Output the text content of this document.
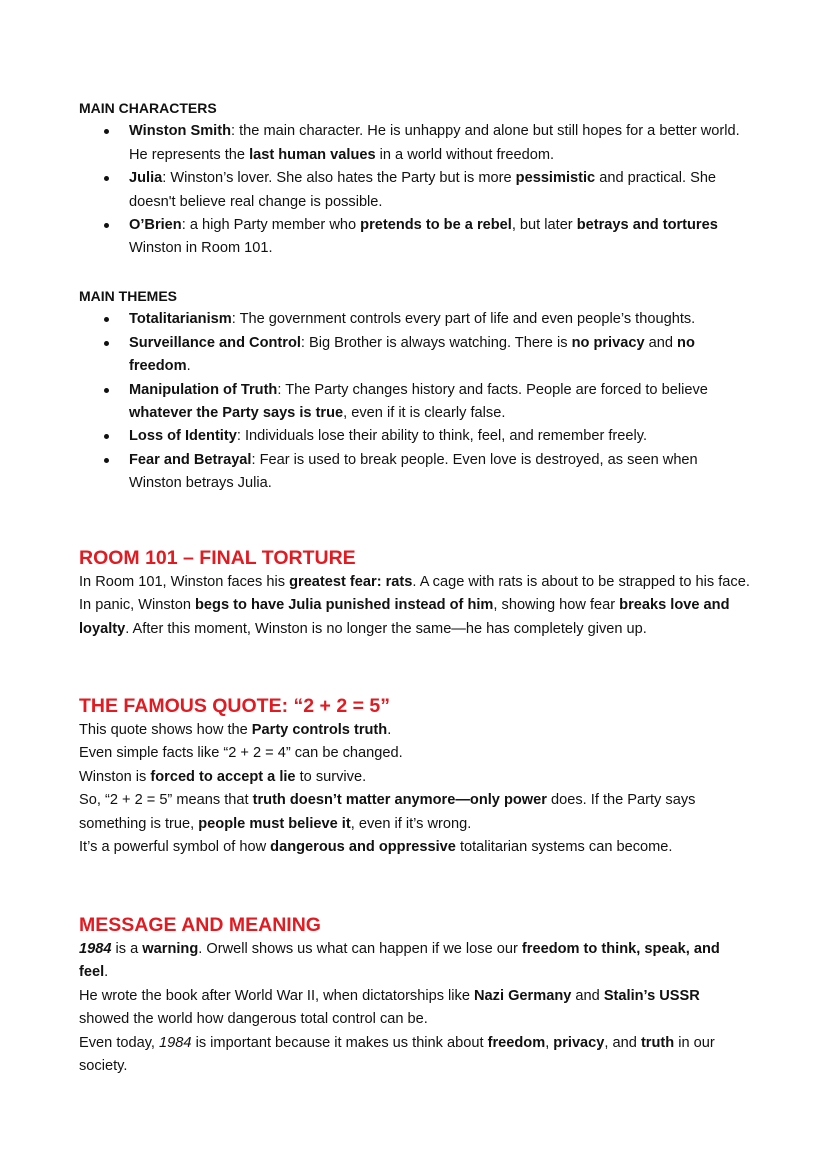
MAIN CHARACTERS

Winston Smith: the main character. He is unhappy and alone but still hopes for a better world. He represents the last human values in a world without freedom.
Julia: Winston’s lover. She also hates the Party but is more pessimistic and practical. She doesn't believe real change is possible.
O’Brien: a high Party member who pretends to be a rebel, but later betrays and tortures Winston in Room 101.

MAIN THEMES

Totalitarianism: The government controls every part of life and even people’s thoughts.
Surveillance and Control: Big Brother is always watching. There is no privacy and no freedom.
Manipulation of Truth: The Party changes history and facts. People are forced to believe whatever the Party says is true, even if it is clearly false.
Loss of Identity: Individuals lose their ability to think, feel, and remember freely.
Fear and Betrayal: Fear is used to break people. Even love is destroyed, as seen when Winston betrays Julia.
ROOM 101 – FINAL TORTURE

In Room 101, Winston faces his greatest fear: rats. A cage with rats is about to be strapped to his face. In panic, Winston begs to have Julia punished instead of him, showing how fear breaks love and loyalty. After this moment, Winston is no longer the same—he has completely given up.

THE FAMOUS QUOTE: “2 + 2 = 5”

This quote shows how the Party controls truth.

Even simple facts like “2 + 2 = 4” can be changed.

Winston is forced to accept a lie to survive.

So, “2 + 2 = 5” means that truth doesn’t matter anymore—only power does. If the Party says something is true, people must believe it, even if it’s wrong.

It’s a powerful symbol of how dangerous and oppressive totalitarian systems can become.

MESSAGE AND MEANING

1984 is a warning. Orwell shows us what can happen if we lose our freedom to think, speak, and feel.

He wrote the book after World War II, when dictatorships like Nazi Germany and Stalin’s USSR showed the world how dangerous total control can be.

Even today, 1984 is important because it makes us think about freedom, privacy, and truth in our society.
